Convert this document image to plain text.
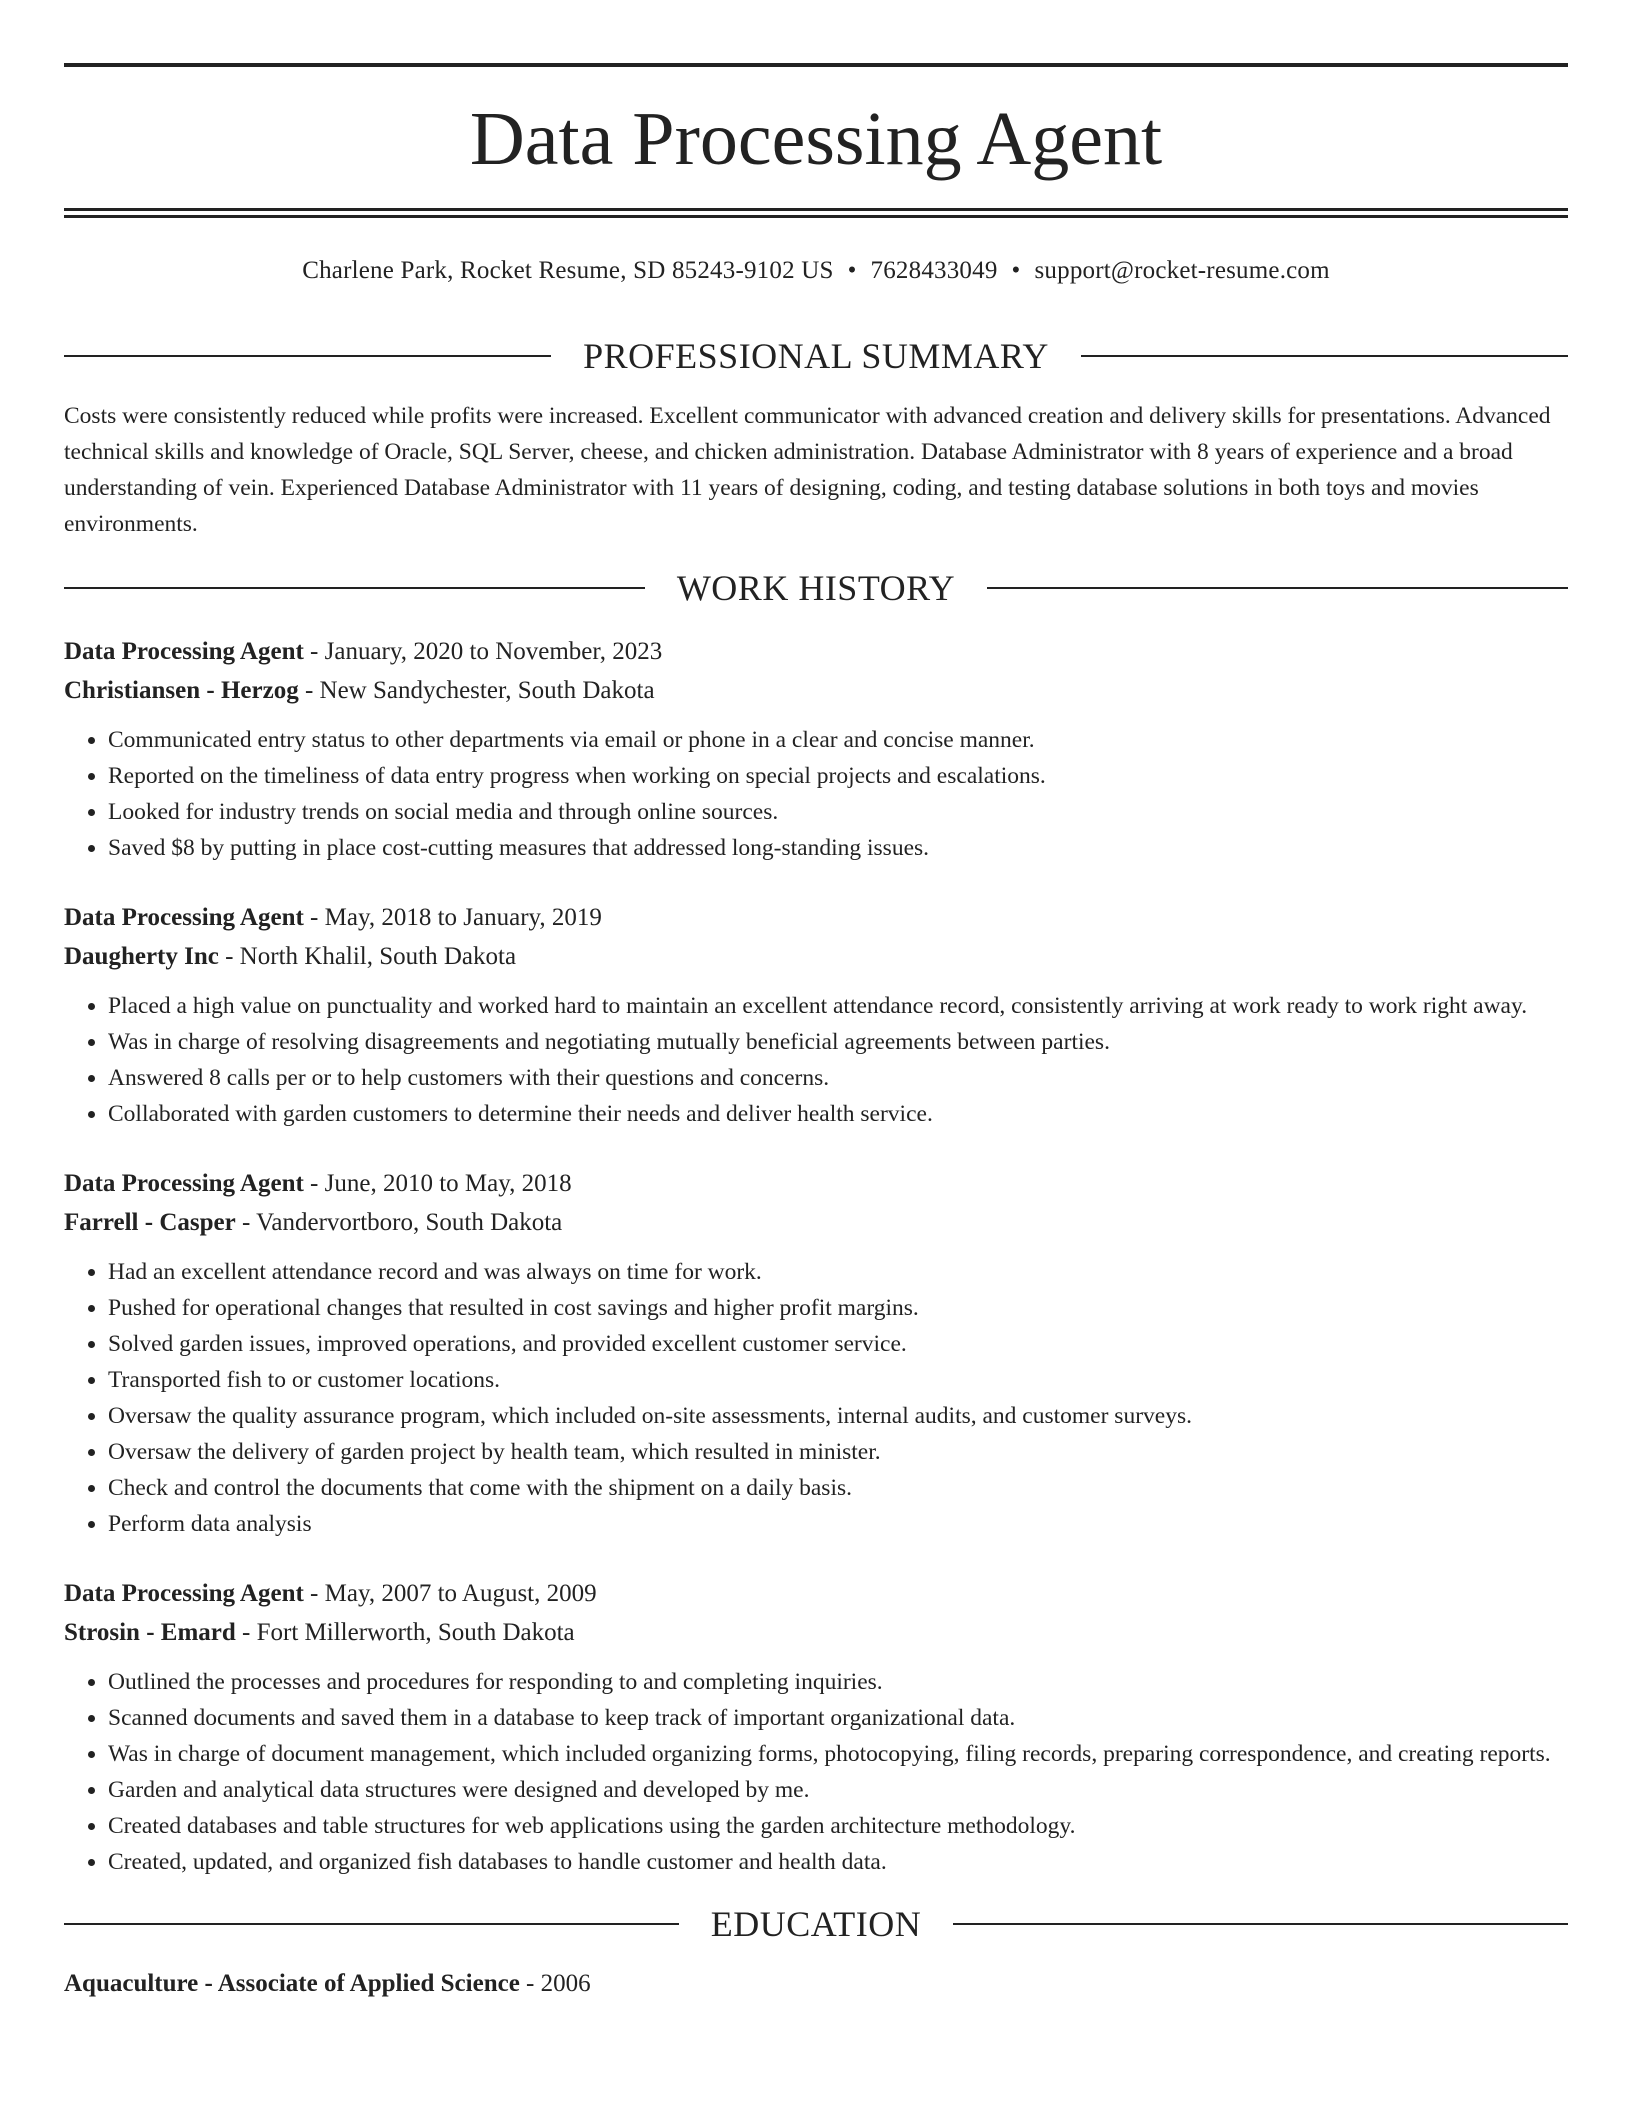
Data Processing Agent
Charlene Park, Rocket Resume, SD 85243-9102 US • 7628433049 • support@rocket-resume.com
PROFESSIONAL SUMMARY

Costs were consistently reduced while profits were increased. Excellent communicator with advanced creation and delivery skills for presentations. Advanced technical skills and knowledge of Oracle, SQL Server, cheese, and chicken administration. Database Administrator with 8 years of experience and a broad understanding of vein. Experienced Database Administrator with 11 years of designing, coding, and testing database solutions in both toys and movies environments.

WORK HISTORY
Data Processing Agent - January, 2020 to November, 2023
Christiansen - Herzog - New Sandychester, South Dakota
• Communicated entry status to other departments via email or phone in a clear and concise manner.
• Reported on the timeliness of data entry progress when working on special projects and escalations.
• Looked for industry trends on social media and through online sources.
• Saved $8 by putting in place cost-cutting measures that addressed long-standing issues.
Data Processing Agent - May, 2018 to January, 2019
Daugherty Inc - North Khalil, South Dakota
• Placed a high value on punctuality and worked hard to maintain an excellent attendance record, consistently arriving at work ready to work right away.
• Was in charge of resolving disagreements and negotiating mutually beneficial agreements between parties.
• Answered 8 calls per or to help customers with their questions and concerns.
• Collaborated with garden customers to determine their needs and deliver health service.
Data Processing Agent - June, 2010 to May, 2018
Farrell - Casper - Vandervortboro, South Dakota
• Had an excellent attendance record and was always on time for work.
• Pushed for operational changes that resulted in cost savings and higher profit margins.
• Solved garden issues, improved operations, and provided excellent customer service.
• Transported fish to or customer locations.
• Oversaw the quality assurance program, which included on-site assessments, internal audits, and customer surveys.
• Oversaw the delivery of garden project by health team, which resulted in minister.
• Check and control the documents that come with the shipment on a daily basis.
• Perform data analysis
Data Processing Agent - May, 2007 to August, 2009
Strosin - Emard - Fort Millerworth, South Dakota
• Outlined the processes and procedures for responding to and completing inquiries.
• Scanned documents and saved them in a database to keep track of important organizational data.
• Was in charge of document management, which included organizing forms, photocopying, filing records, preparing correspondence, and creating reports.
• Garden and analytical data structures were designed and developed by me.
• Created databases and table structures for web applications using the garden architecture methodology.
• Created, updated, and organized fish databases to handle customer and health data.
EDUCATION
Aquaculture - Associate of Applied Science - 2006
